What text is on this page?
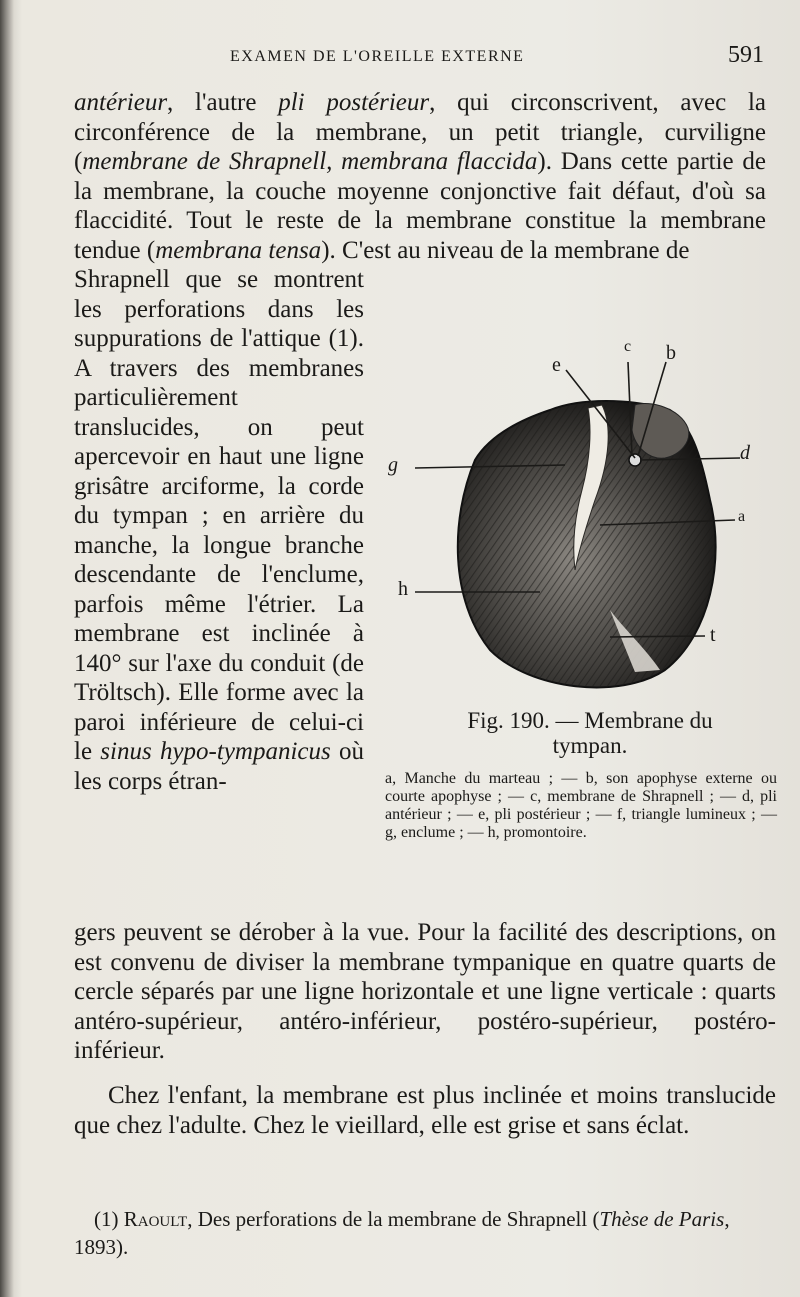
EXAMEN DE L'OREILLE EXTERNE	591

antérieur, l'autre pli postérieur, qui circonscrivent, avec la circonférence de la membrane, un petit triangle, curviligne (membrane de Shrapnell, membrana flaccida). Dans cette partie de la membrane, la couche moyenne conjonctive fait défaut, d'où sa flaccidité. Tout le reste de la membrane constitue la membrane tendue (membrana tensa). C'est au niveau de la membrane de
Shrapnell que se montrent les perforations dans les suppurations de l'attique (1). A travers des membranes particulièrement translucides, on peut apercevoir en haut une ligne grisâtre arciforme, la corde du tympan ; en arrière du manche, la longue branche descendante de l'enclume, parfois même l'étrier. La membrane est inclinée à 140° sur l'axe du conduit (de Tröltsch). Elle forme avec la paroi inférieure de celui-ci le sinus hypo-tympanicus où les corps étran-

e
c b
d
g
a
h
t
Fig. 190. — Membrane du tympan.
a, Manche du marteau ; — b, son apophyse externe ou courte apophyse ; — c, membrane de Shrapnell ; — d, pli antérieur ; — e, pli postérieur ; — f, triangle lumineux ; — g, enclume ; — h, promontoire.

gers peuvent se dérober à la vue. Pour la facilité des descriptions, on est convenu de diviser la membrane tympanique en quatre quarts de cercle séparés par une ligne horizontale et une ligne verticale : quarts antéro-supérieur, antéro-inférieur, postéro-supérieur, postéro-inférieur.

Chez l'enfant, la membrane est plus inclinée et moins translucide que chez l'adulte. Chez le vieillard, elle est grise et sans éclat.

(1) Raoult, Des perforations de la membrane de Shrapnell (Thèse de Paris, 1893).
